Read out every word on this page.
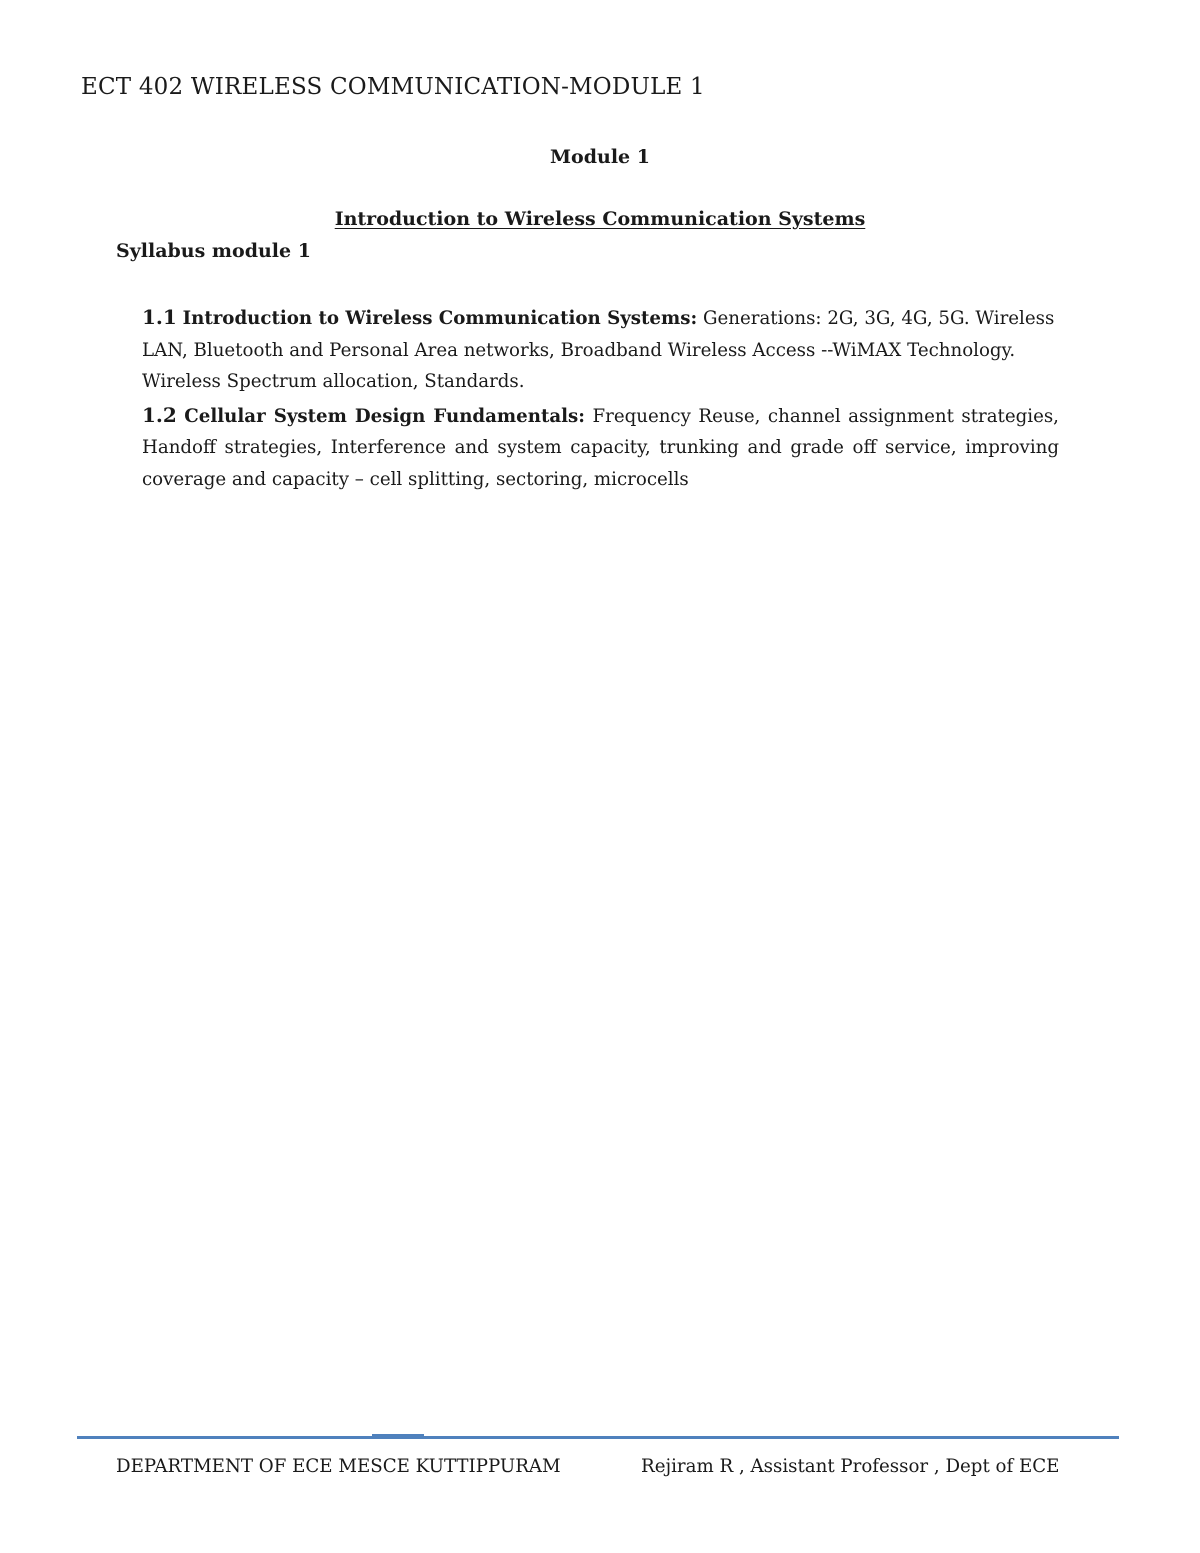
ECT 402 WIRELESS COMMUNICATION-MODULE 1
Module 1
Introduction to Wireless Communication Systems
Syllabus module 1

1.1 Introduction to Wireless Communication Systems: Generations: 2G, 3G, 4G, 5G. Wireless LAN, Bluetooth and Personal Area networks, Broadband Wireless Access --WiMAX Technology. Wireless Spectrum allocation, Standards.

1.2 Cellular System Design Fundamentals: Frequency Reuse, channel assignment strategies, Handoff strategies, Interference and system capacity, trunking and grade off service, improving coverage and capacity – cell splitting, sectoring, microcells

DEPARTMENT OF ECE MESCE KUTTIPPURAM	Rejiram R , Assistant Professor , Dept of ECE
